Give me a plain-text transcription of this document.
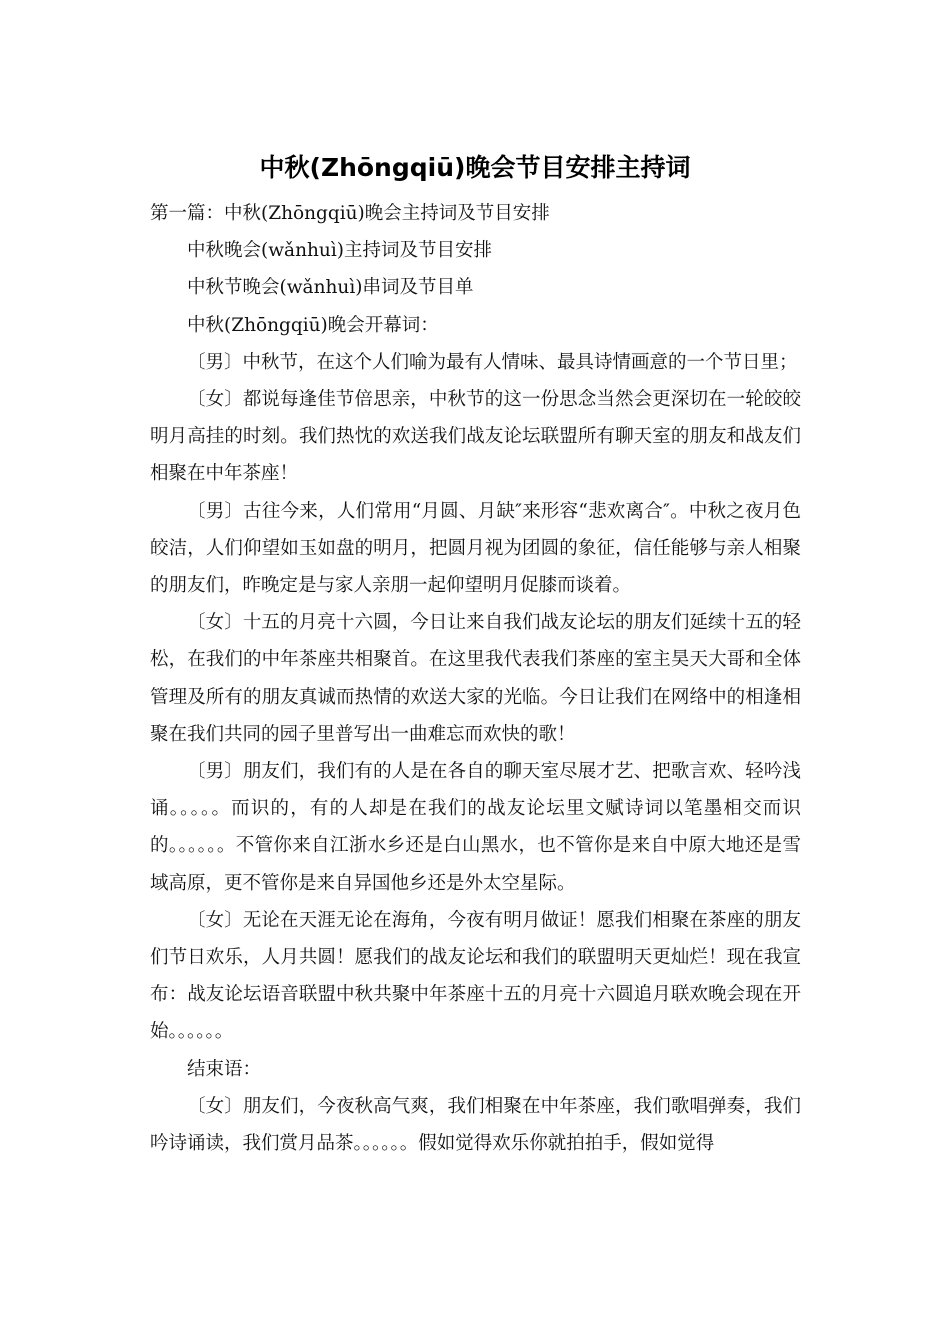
中秋(Zhōngqiū)晚会节目安排主持词

第一篇：中秋(Zhōngqiū)晚会主持词及节目安排

中秋晚会(wǎnhuì)主持词及节目安排

中秋节晚会(wǎnhuì)串词及节目单

中秋(Zhōngqiū)晚会开幕词：

〔男〕中秋节，在这个人们喻为最有人情味、最具诗情画意的一个节日里；

〔女〕都说每逢佳节倍思亲，中秋节的这一份思念当然会更深切在一轮皎皎明月高挂的时刻。我们热忱的欢送我们战友论坛联盟所有聊天室的朋友和战友们相聚在中年茶座！

〔男〕古往今来，人们常用“月圆、月缺″来形容“悲欢离合″。中秋之夜月色皎洁，人们仰望如玉如盘的明月，把圆月视为团圆的象征，信任能够与亲人相聚的朋友们，昨晚定是与家人亲朋一起仰望明月促膝而谈着。

〔女〕十五的月亮十六圆，今日让来自我们战友论坛的朋友们延续十五的轻松，在我们的中年茶座共相聚首。在这里我代表我们茶座的室主昊天大哥和全体管理及所有的朋友真诚而热情的欢送大家的光临。今日让我们在网络中的相逢相聚在我们共同的园子里普写出一曲难忘而欢快的歌！

〔男〕朋友们，我们有的人是在各自的聊天室尽展才艺、把歌言欢、轻吟浅诵。。。。。而识的，有的人却是在我们的战友论坛里文赋诗词以笔墨相交而识的。。。。。。不管你来自江浙水乡还是白山黑水，也不管你是来自中原大地还是雪域高原，更不管你是来自异国他乡还是外太空星际。

〔女〕无论在天涯无论在海角，今夜有明月做证！愿我们相聚在茶座的朋友们节日欢乐，人月共圆！愿我们的战友论坛和我们的联盟明天更灿烂！现在我宣布：战友论坛语音联盟中秋共聚中年茶座十五的月亮十六圆追月联欢晚会现在开始。。。。。。

结束语：

〔女〕朋友们，今夜秋高气爽，我们相聚在中年茶座，我们歌唱弹奏，我们吟诗诵读，我们赏月品茶。。。。。。假如觉得欢乐你就拍拍手，假如觉得
